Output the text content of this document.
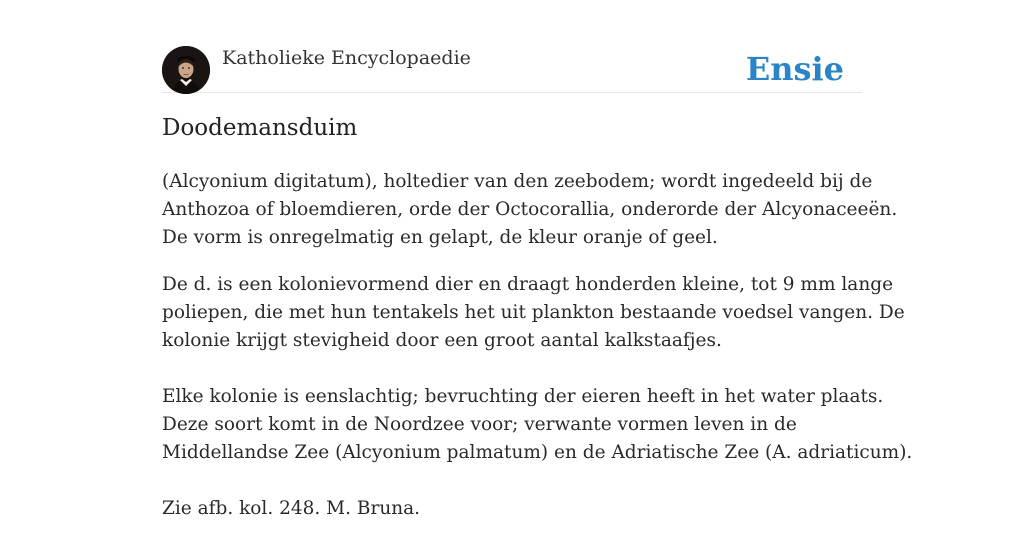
Katholieke Encyclopaedie	Ensie
Doodemansduim

(Alcyonium digitatum), holtedier van den zeebodem; wordt ingedeeld bij de
Anthozoa of bloemdieren, orde der Octocorallia, onderorde der Alcyonaceeën.
De vorm is onregelmatig en gelapt, de kleur oranje of geel.

De d. is een kolonievormend dier en draagt honderden kleine, tot 9 mm lange
poliepen, die met hun tentakels het uit plankton bestaande voedsel vangen. De
kolonie krijgt stevigheid door een groot aantal kalkstaafjes.
Elke kolonie is eenslachtig; bevruchting der eieren heeft in het water plaats.
Deze soort komt in de Noordzee voor; verwante vormen leven in de
Middellandse Zee (Alcyonium palmatum) en de Adriatische Zee (A. adriaticum).
Zie afb. kol. 248. M. Bruna.
